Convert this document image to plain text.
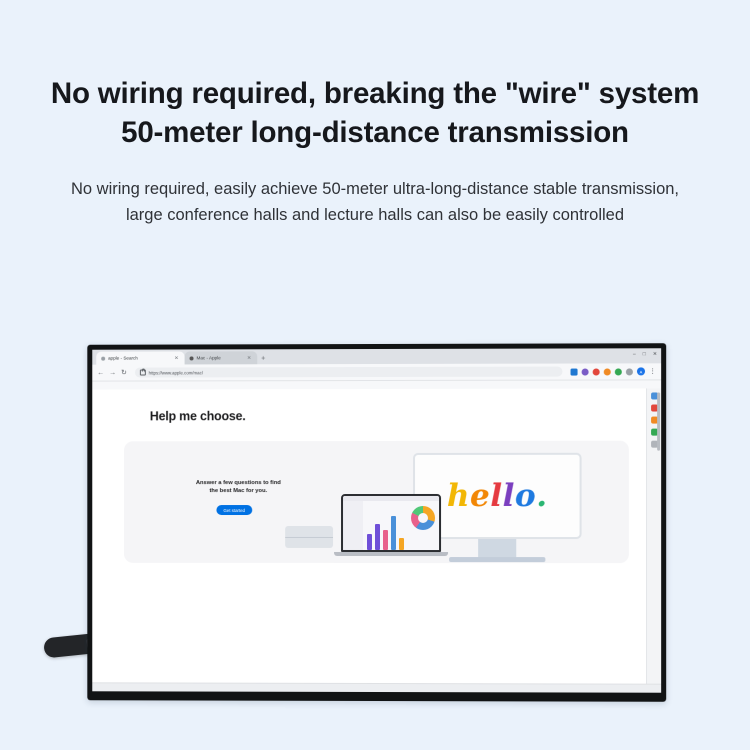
No wiring required, breaking the "wire" system
50-meter long-distance transmission
No wiring required, easily achieve 50-meter ultra-long-distance stable transmission, large conference halls and lecture halls can also be easily controlled
apple - Search	✕	Mac - Apple	✕ +
– □ ✕
← → ↻	https://www.apple.com/mac/	A ⋮
Help me choose.
Answer a few questions to find
the best Mac for you.
Get started	h e l l o .
